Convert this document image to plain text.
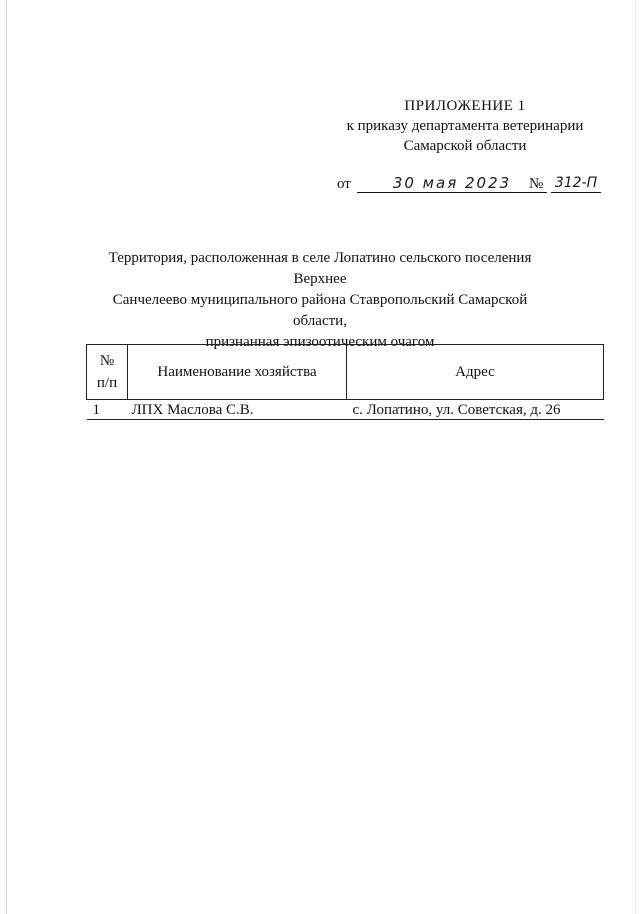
ПРИЛОЖЕНИЕ 1
к приказу департамента ветеринарии
Самарской области
от	30 мая 2023	№ 312-П
Территория, расположенная в селе Лопатино сельского поселения Верхнее
Санчелеево муниципального района Ставропольский Самарской области,
признанная эпизоотическим очагом
№
п/п	Наименование хозяйства	Адрес
1	ЛПХ Маслова С.В.	с. Лопатино, ул. Советская, д. 26
